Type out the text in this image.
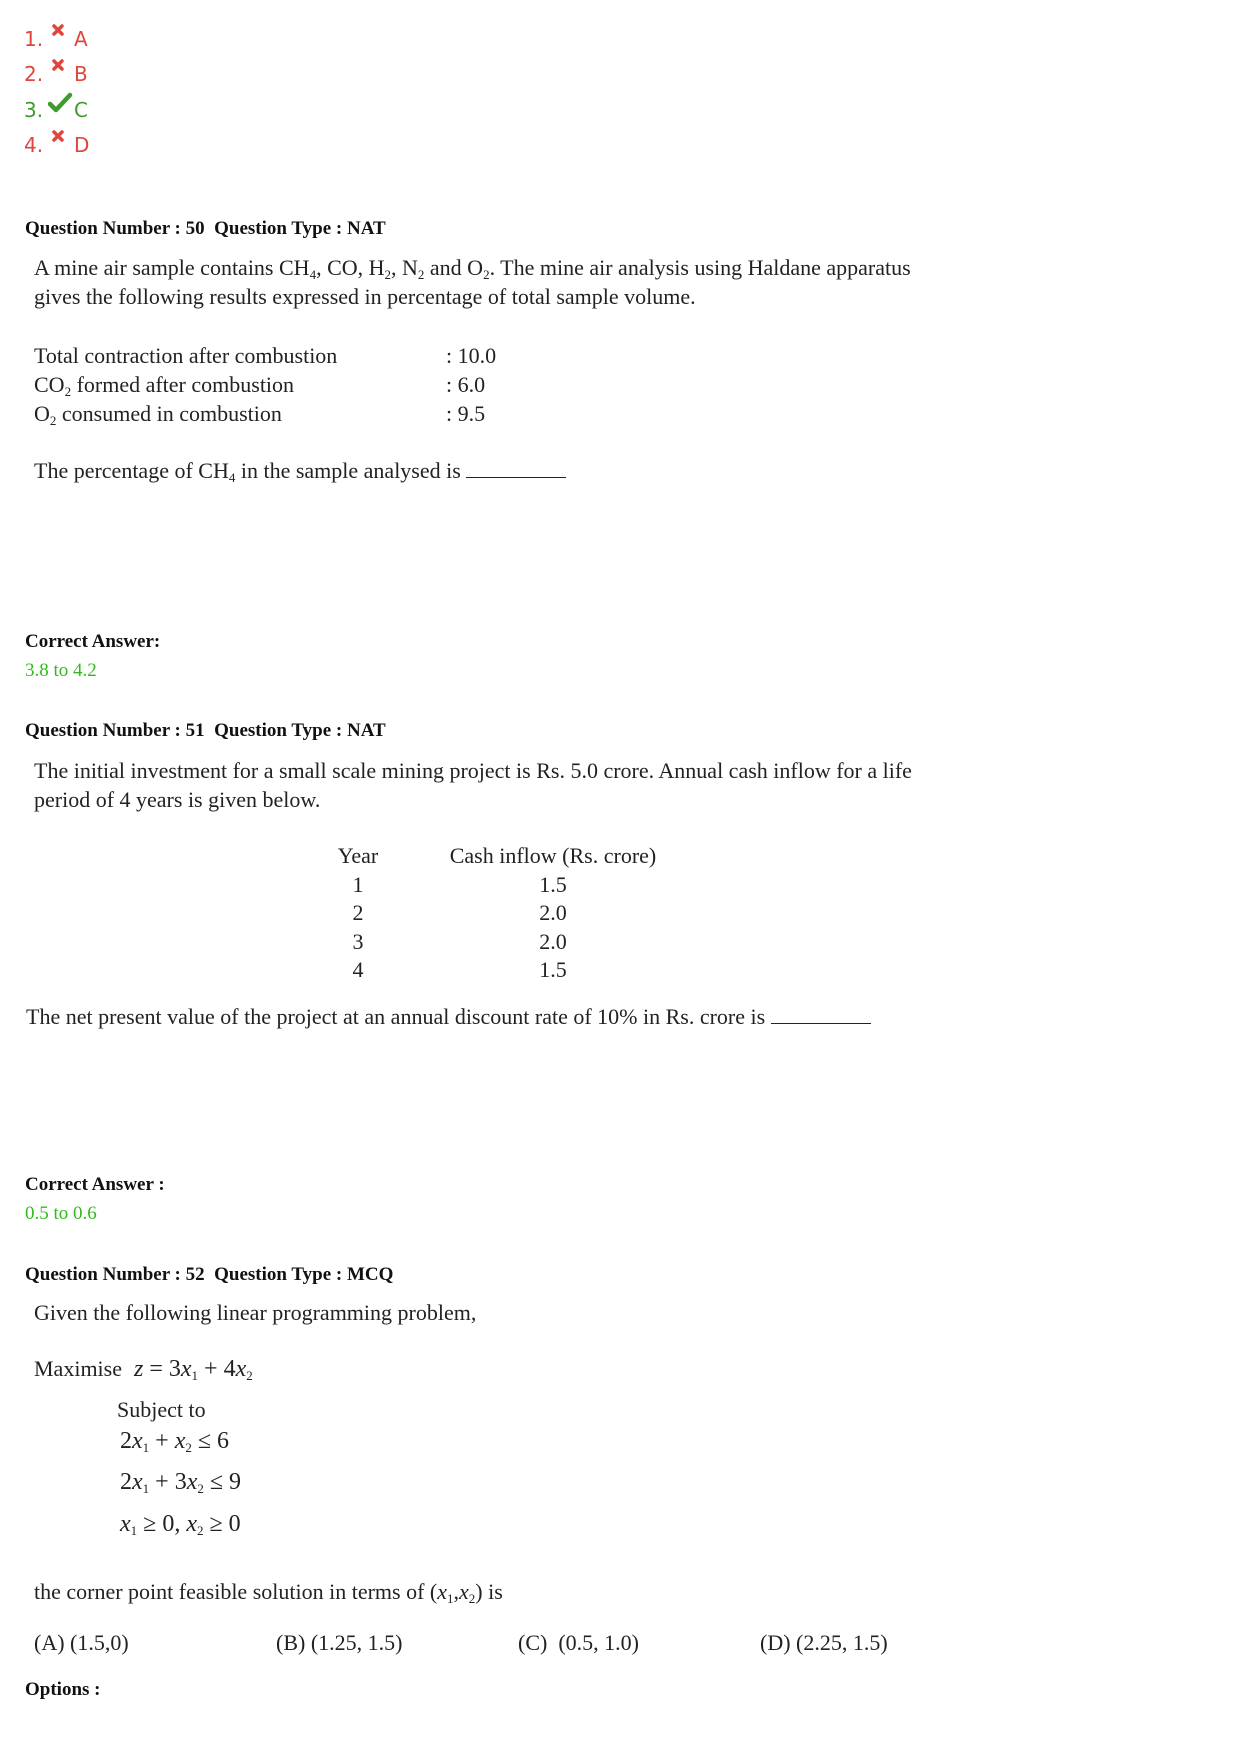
1. A
2. B
3. C
4. D
Question Number : 50  Question Type : NAT
A mine air sample contains $CH_4$, CO, $H_2$, $N_2$ and $O_2$. The mine air analysis using Haldane apparatus
gives the following results expressed in percentage of total sample volume.
Total contraction after combustion	: 10.0
$CO_2$ formed after combustion	: 6.0
$O_2$ consumed in combustion	: 9.5
The percentage of $CH_4$ in the sample analysed is
Correct Answer:
3.8 to 4.2
Question Number : 51  Question Type : NAT
The initial investment for a small scale mining project is Rs. 5.0 crore. Annual cash inflow for a life
period of 4 years is given below.
Year	Cash inflow (Rs. crore)
1	1.5
2	2.0
3	2.0
4	1.5
The net present value of the project at an annual discount rate of 10% in Rs. crore is
Correct Answer :
0.5 to 0.6
Question Number : 52  Question Type : MCQ
Given the following linear programming problem,
Maximise $z = 3x_1 + 4x_2$
Subject to
$2x_1 + x_2 \le 6$
$2x_1 + 3x_2 \le 9$
$x_1 \ge 0$, $x_2 \ge 0$
the corner point feasible solution in terms of $(x_1,x_2)$ is
(A) (1.5,0)	(B) (1.25, 1.5)	(C)  (0.5, 1.0)	(D) (2.25, 1.5)
Options :
